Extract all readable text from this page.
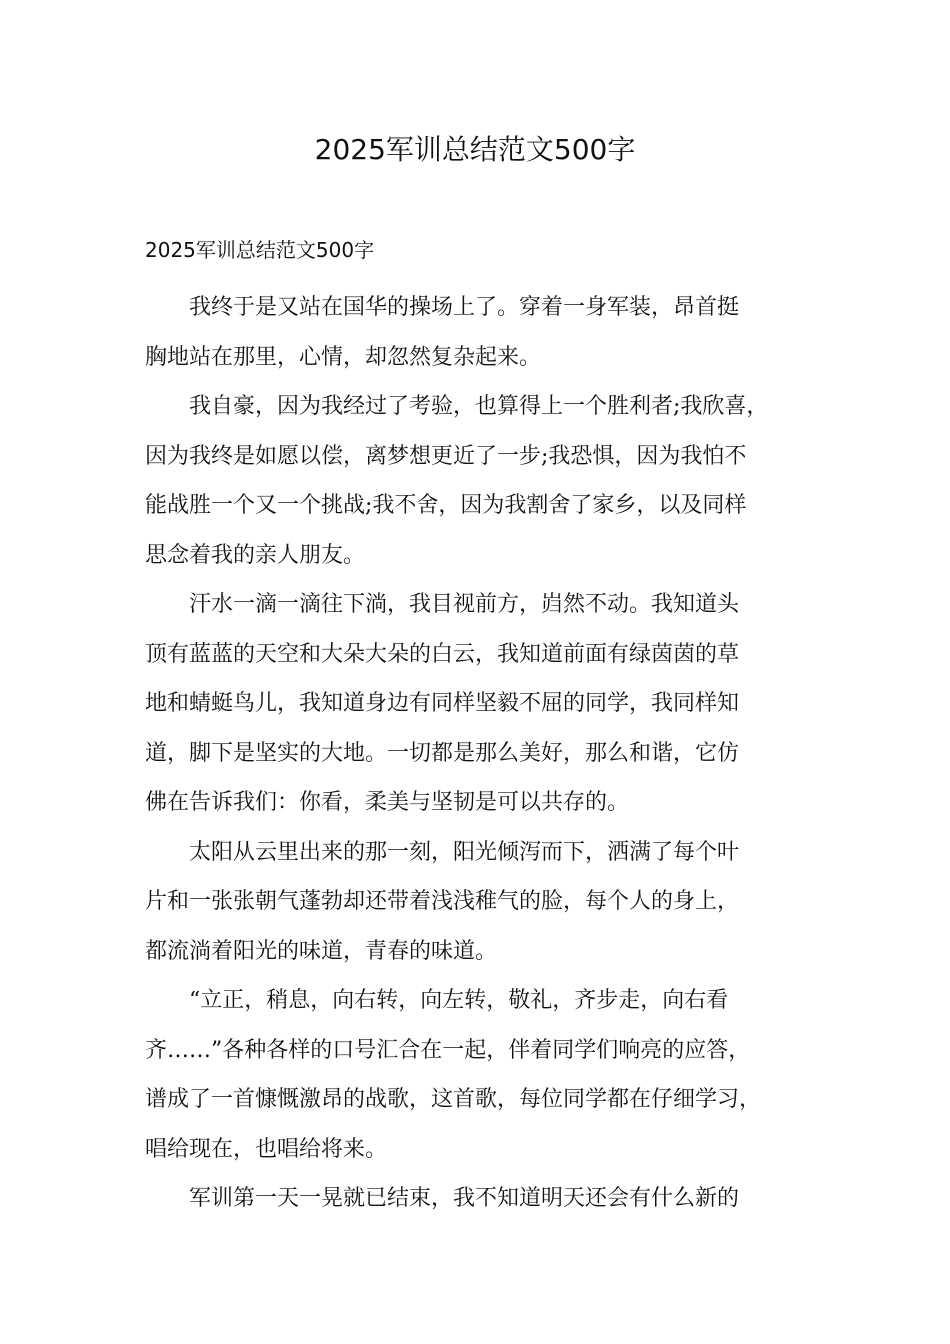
2025军训总结范文500字

2025军训总结范文500字

我终于是又站在国华的操场上了。穿着一身军装，昂首挺
胸地站在那里，心情，却忽然复杂起来。

我自豪，因为我经过了考验，也算得上一个胜利者;我欣喜，
因为我终是如愿以偿，离梦想更近了一步;我恐惧，因为我怕不
能战胜一个又一个挑战;我不舍，因为我割舍了家乡，以及同样
思念着我的亲人朋友。

汗水一滴一滴往下淌，我目视前方，岿然不动。我知道头
顶有蓝蓝的天空和大朵大朵的白云，我知道前面有绿茵茵的草
地和蜻蜓鸟儿，我知道身边有同样坚毅不屈的同学，我同样知
道，脚下是坚实的大地。一切都是那么美好，那么和谐，它仿
佛在告诉我们：你看，柔美与坚韧是可以共存的。

太阳从云里出来的那一刻，阳光倾泻而下，洒满了每个叶
片和一张张朝气蓬勃却还带着浅浅稚气的脸，每个人的身上，
都流淌着阳光的味道，青春的味道。

“立正，稍息，向右转，向左转，敬礼，齐步走，向右看
齐……”各种各样的口号汇合在一起，伴着同学们响亮的应答，
谱成了一首慷慨激昂的战歌，这首歌，每位同学都在仔细学习，
唱给现在，也唱给将来。

军训第一天一晃就已结束，我不知道明天还会有什么新的
